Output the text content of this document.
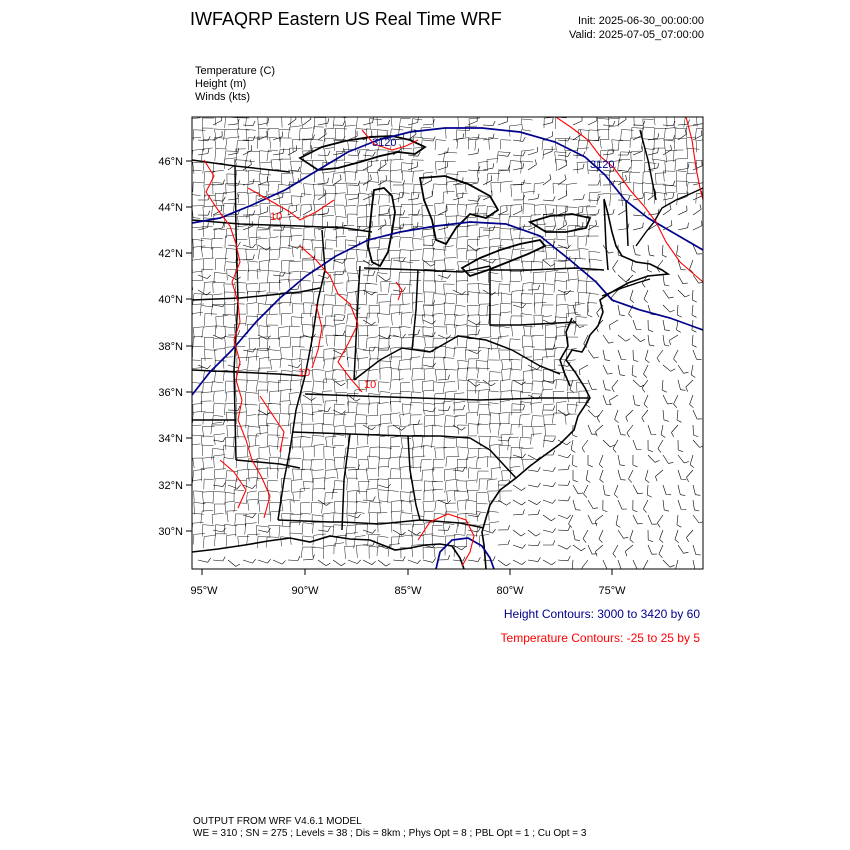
IWFAQRP Eastern US Real Time WRF	Init: 2025-06-30_00:00:00
Valid: 2025-07-05_07:00:00
Temperature (C)
Height (m)
Winds (kts)
3120
3120
10
10
10
46°N
44°N
42°N
40°N
38°N
36°N
34°N
32°N
30°N
95°W	90°W	85°W	80°W	75°W
Height Contours: 3000 to 3420 by 60
Temperature Contours: -25 to 25 by 5
OUTPUT FROM WRF V4.6.1 MODEL
WE = 310 ; SN = 275 ; Levels = 38 ; Dis = 8km ; Phys Opt = 8 ; PBL Opt = 1 ; Cu Opt = 3
